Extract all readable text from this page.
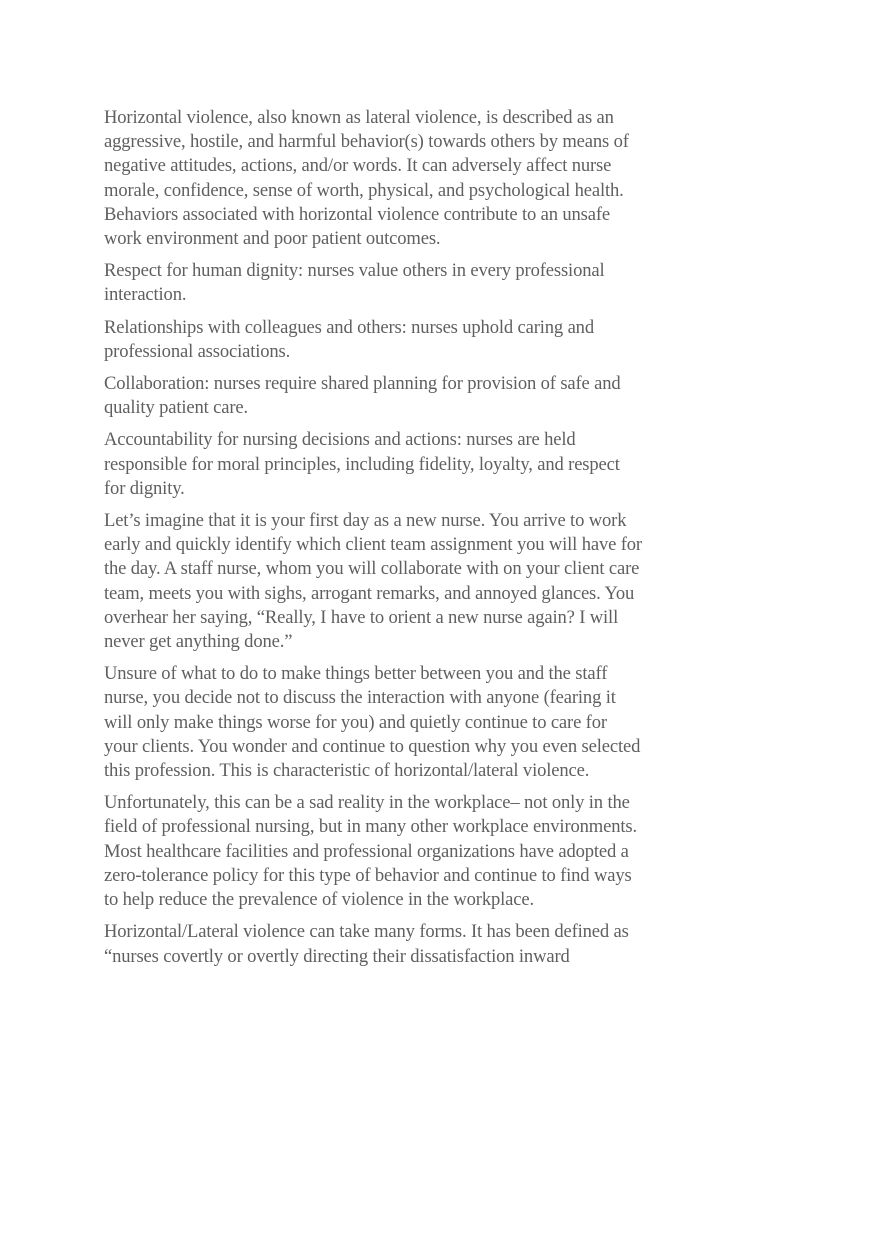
Horizontal violence, also known as lateral violence, is described as an aggressive, hostile, and harmful behavior(s) towards others by means of negative attitudes, actions, and/or words. It can adversely affect nurse morale, confidence, sense of worth, physical, and psychological health. Behaviors associated with horizontal violence contribute to an unsafe work environment and poor patient outcomes.

Respect for human dignity: nurses value others in every professional interaction.

Relationships with colleagues and others: nurses uphold caring and professional associations.

Collaboration: nurses require shared planning for provision of safe and quality patient care.

Accountability for nursing decisions and actions: nurses are held responsible for moral principles, including fidelity, loyalty, and respect for dignity.

Let’s imagine that it is your first day as a new nurse. You arrive to work early and quickly identify which client team assignment you will have for the day. A staff nurse, whom you will collaborate with on your client care team, meets you with sighs, arrogant remarks, and annoyed glances. You overhear her saying, “Really, I have to orient a new nurse again? I will never get anything done.”

Unsure of what to do to make things better between you and the staff nurse, you decide not to discuss the interaction with anyone (fearing it will only make things worse for you) and quietly continue to care for your clients. You wonder and continue to question why you even selected this profession. This is characteristic of horizontal/lateral violence.

Unfortunately, this can be a sad reality in the workplace– not only in the field of professional nursing, but in many other workplace environments. Most healthcare facilities and professional organizations have adopted a zero-tolerance policy for this type of behavior and continue to find ways to help reduce the prevalence of violence in the workplace.

Horizontal/Lateral violence can take many forms. It has been defined as “nurses covertly or overtly directing their dissatisfaction inward
